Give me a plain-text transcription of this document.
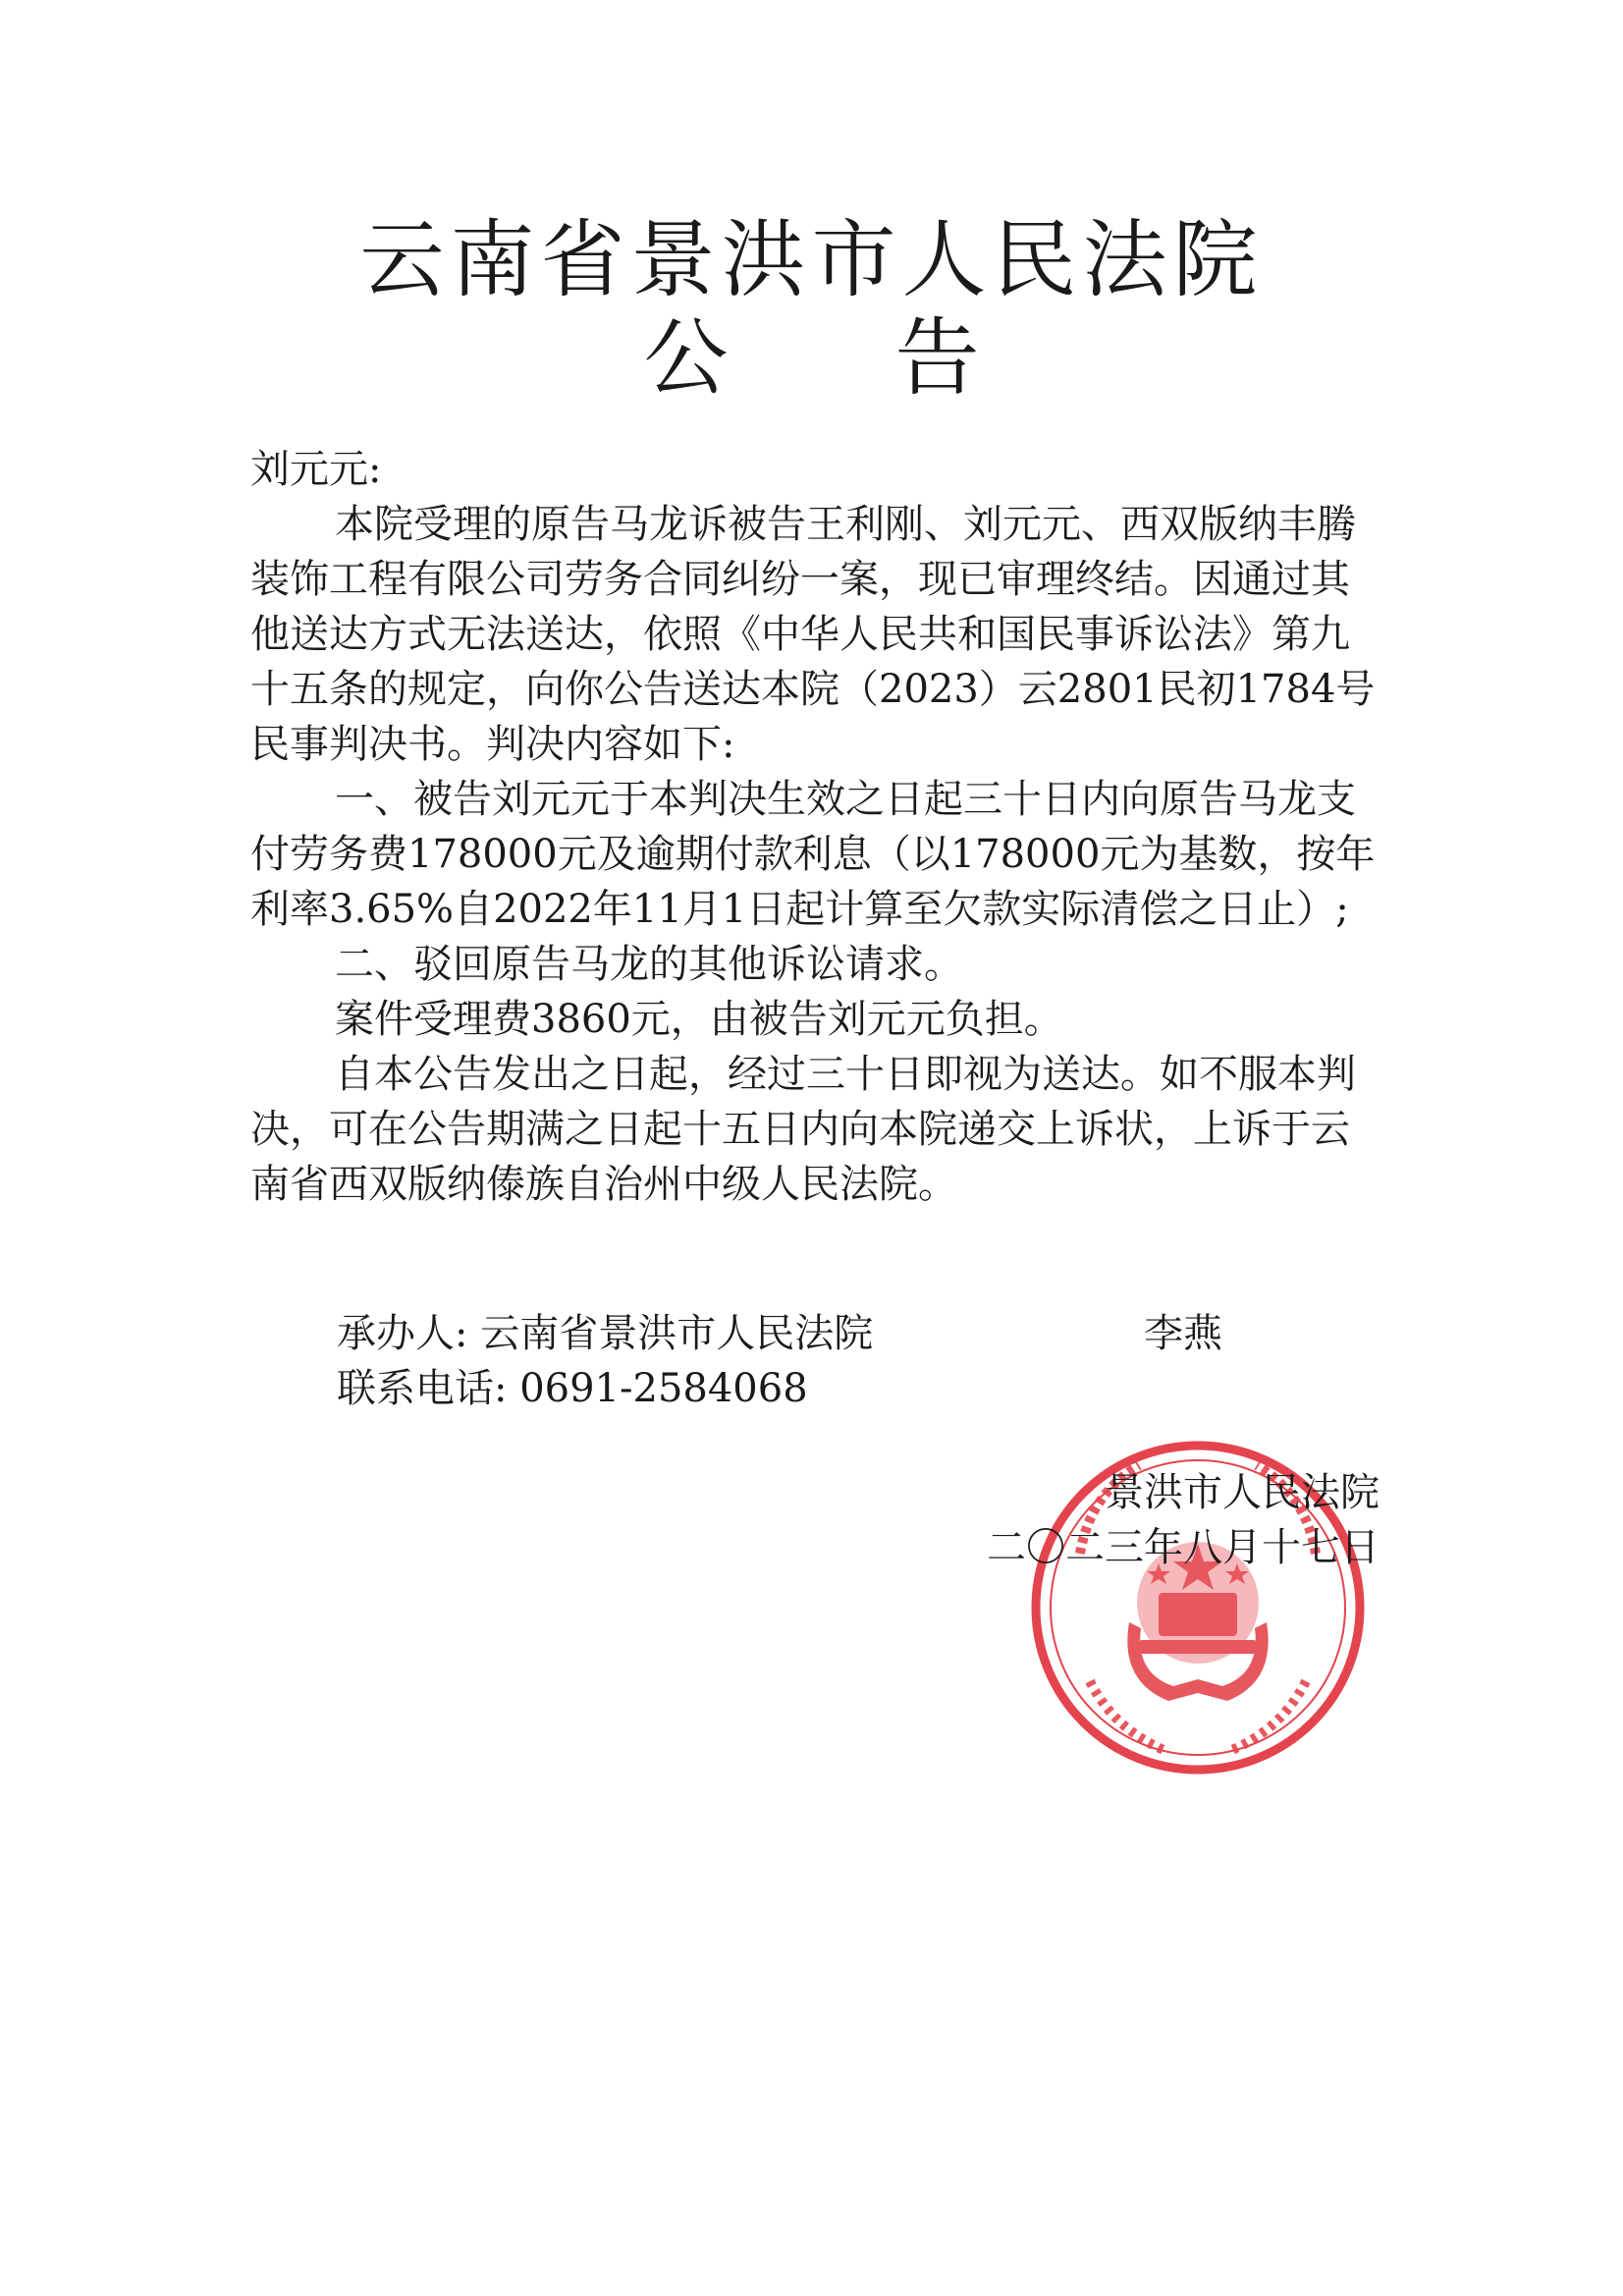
云南省景洪市人民法院
公 告

刘元元:

本院受理的原告马龙诉被告王利刚、刘元元、西双版纳丰腾装饰工程有限公司劳务合同纠纷一案，现已审理终结。因通过其他送达方式无法送达，依照《中华人民共和国民事诉讼法》第九十五条的规定，向你公告送达本院（2023）云2801民初1784号民事判决书。判决内容如下:

一、被告刘元元于本判决生效之日起三十日内向原告马龙支付劳务费178000元及逾期付款利息（以178000元为基数，按年利率3.65%自2022年11月1日起计算至欠款实际清偿之日止）;

二、驳回原告马龙的其他诉讼请求。

案件受理费3860元，由被告刘元元负担。

自本公告发出之日起，经过三十日即视为送达。如不服本判决，可在公告期满之日起十五日内向本院递交上诉状，上诉于云南省西双版纳傣族自治州中级人民法院。

承办人: 云南省景洪市人民法院
联系电话: 0691-2584068
李燕
景洪市人民法院
二〇二三年八月十七日
